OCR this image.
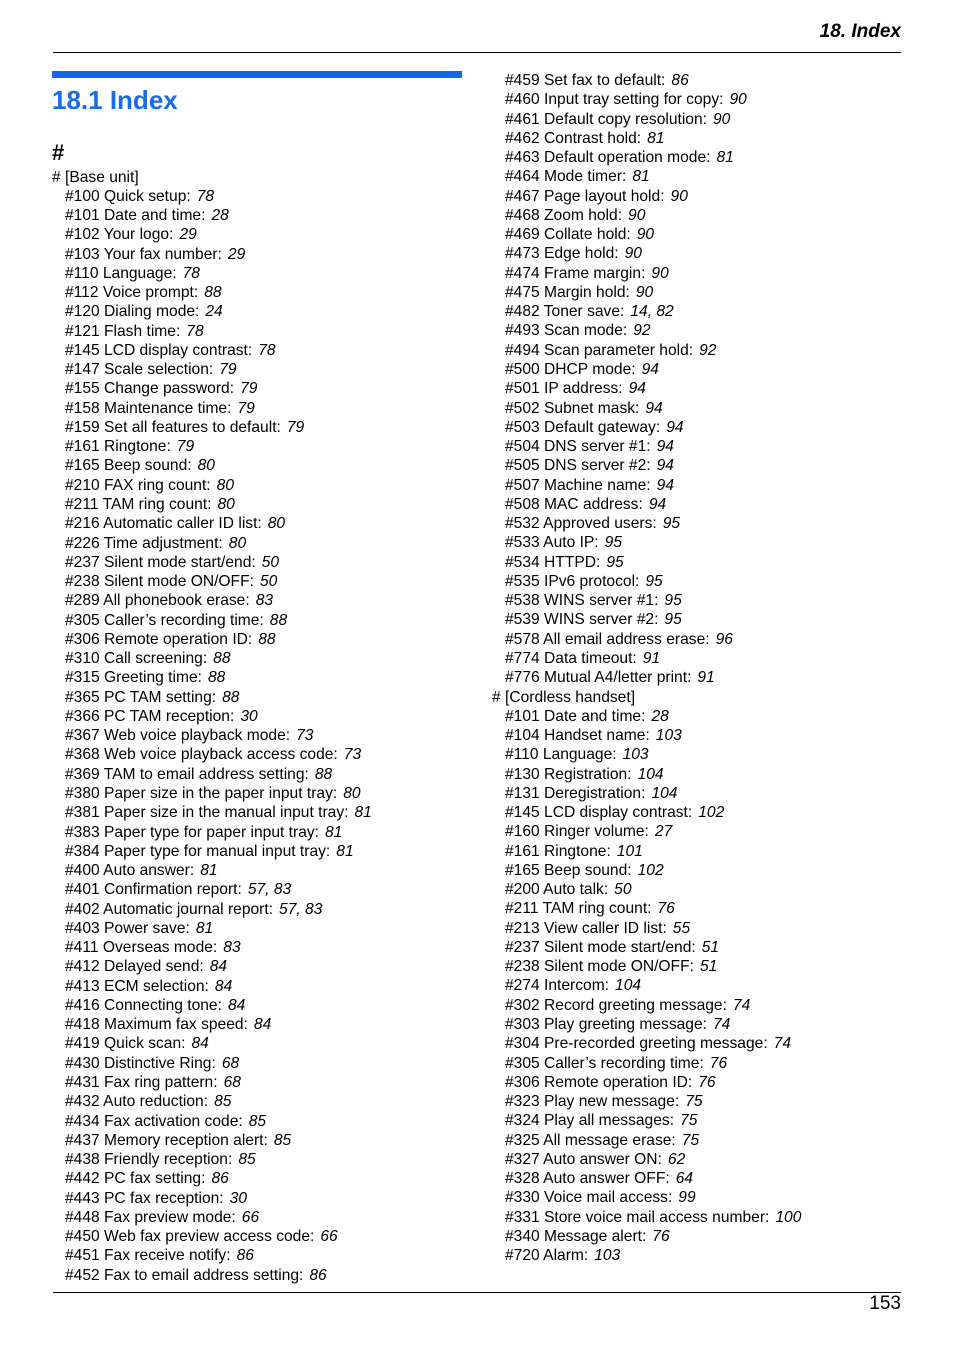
18. Index
18.1 Index
#
# [Base unit]
#100 Quick setup: 78
#101 Date and time: 28
#102 Your logo: 29
#103 Your fax number: 29
#110 Language: 78
#112 Voice prompt: 88
#120 Dialing mode: 24
#121 Flash time: 78
#145 LCD display contrast: 78
#147 Scale selection: 79
#155 Change password: 79
#158 Maintenance time: 79
#159 Set all features to default: 79
#161 Ringtone: 79
#165 Beep sound: 80
#210 FAX ring count: 80
#211 TAM ring count: 80
#216 Automatic caller ID list: 80
#226 Time adjustment: 80
#237 Silent mode start/end: 50
#238 Silent mode ON/OFF: 50
#289 All phonebook erase: 83
#305 Caller’s recording time: 88
#306 Remote operation ID: 88
#310 Call screening: 88
#315 Greeting time: 88
#365 PC TAM setting: 88
#366 PC TAM reception: 30
#367 Web voice playback mode: 73
#368 Web voice playback access code: 73
#369 TAM to email address setting: 88
#380 Paper size in the paper input tray: 80
#381 Paper size in the manual input tray: 81
#383 Paper type for paper input tray: 81
#384 Paper type for manual input tray: 81
#400 Auto answer: 81
#401 Confirmation report: 57, 83
#402 Automatic journal report: 57, 83
#403 Power save: 81
#411 Overseas mode: 83
#412 Delayed send: 84
#413 ECM selection: 84
#416 Connecting tone: 84
#418 Maximum fax speed: 84
#419 Quick scan: 84
#430 Distinctive Ring: 68
#431 Fax ring pattern: 68
#432 Auto reduction: 85
#434 Fax activation code: 85
#437 Memory reception alert: 85
#438 Friendly reception: 85
#442 PC fax setting: 86
#443 PC fax reception: 30
#448 Fax preview mode: 66
#450 Web fax preview access code: 66
#451 Fax receive notify: 86
#452 Fax to email address setting: 86
#459 Set fax to default: 86
#460 Input tray setting for copy: 90
#461 Default copy resolution: 90
#462 Contrast hold: 81
#463 Default operation mode: 81
#464 Mode timer: 81
#467 Page layout hold: 90
#468 Zoom hold: 90
#469 Collate hold: 90
#473 Edge hold: 90
#474 Frame margin: 90
#475 Margin hold: 90
#482 Toner save: 14, 82
#493 Scan mode: 92
#494 Scan parameter hold: 92
#500 DHCP mode: 94
#501 IP address: 94
#502 Subnet mask: 94
#503 Default gateway: 94
#504 DNS server #1: 94
#505 DNS server #2: 94
#507 Machine name: 94
#508 MAC address: 94
#532 Approved users: 95
#533 Auto IP: 95
#534 HTTPD: 95
#535 IPv6 protocol: 95
#538 WINS server #1: 95
#539 WINS server #2: 95
#578 All email address erase: 96
#774 Data timeout: 91
#776 Mutual A4/letter print: 91
# [Cordless handset]
#101 Date and time: 28
#104 Handset name: 103
#110 Language: 103
#130 Registration: 104
#131 Deregistration: 104
#145 LCD display contrast: 102
#160 Ringer volume: 27
#161 Ringtone: 101
#165 Beep sound: 102
#200 Auto talk: 50
#211 TAM ring count: 76
#213 View caller ID list: 55
#237 Silent mode start/end: 51
#238 Silent mode ON/OFF: 51
#274 Intercom: 104
#302 Record greeting message: 74
#303 Play greeting message: 74
#304 Pre-recorded greeting message: 74
#305 Caller’s recording time: 76
#306 Remote operation ID: 76
#323 Play new message: 75
#324 Play all messages: 75
#325 All message erase: 75
#327 Auto answer ON: 62
#328 Auto answer OFF: 64
#330 Voice mail access: 99
#331 Store voice mail access number: 100
#340 Message alert: 76
#720 Alarm: 103
153
